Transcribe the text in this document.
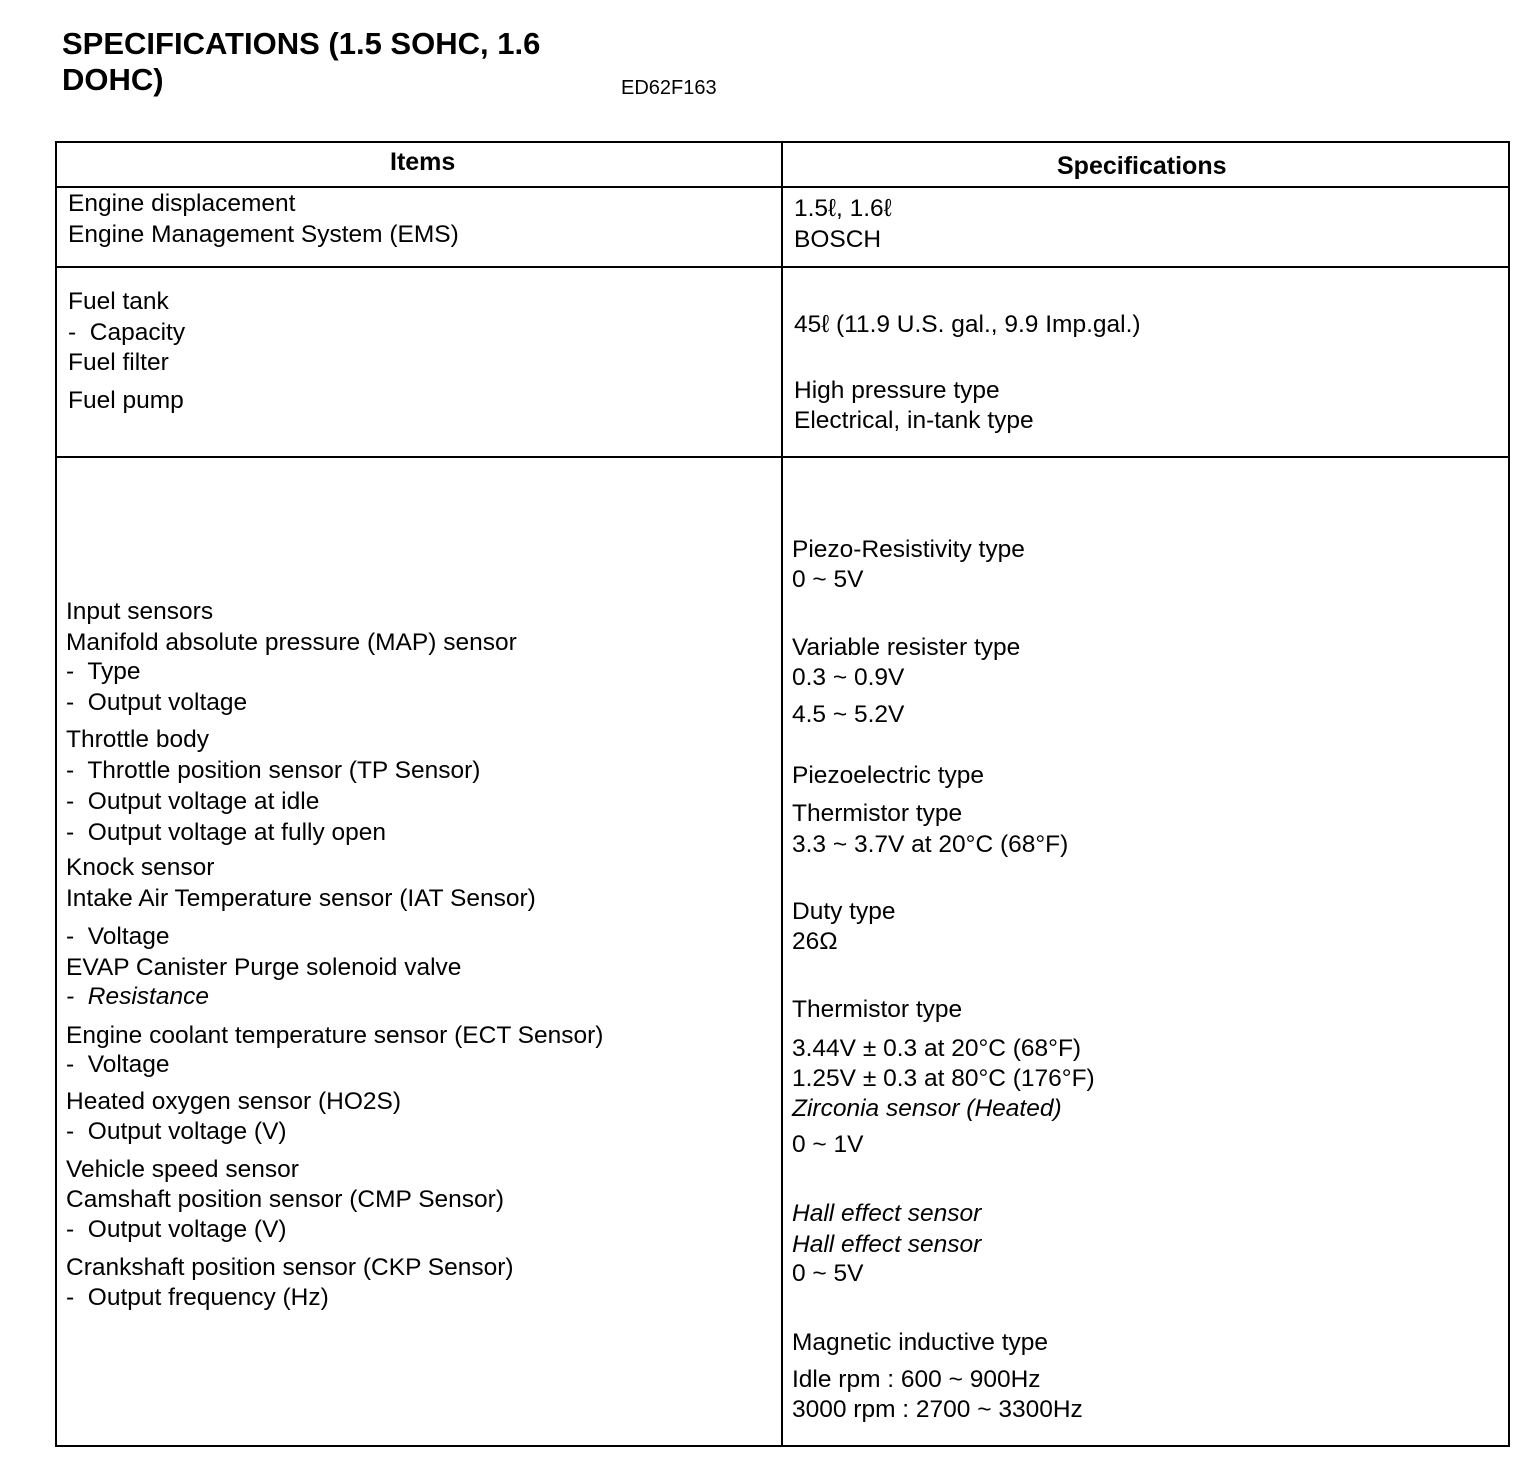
SPECIFICATIONS (1.5 SOHC, 1.6 DOHC)	ED62F163
Items	Specifications

Engine displacement

Engine Management System (EMS)

1.5ℓ, 1.6ℓ

BOSCH

Fuel tank

-  Capacity

Fuel filter

Fuel pump

45ℓ (11.9 U.S. gal., 9.9 Imp.gal.)

High pressure type

Electrical, in-tank type

Input sensors

Manifold absolute pressure (MAP) sensor

-  Type

-  Output voltage

Throttle body

-  Throttle position sensor (TP Sensor)

-  Output voltage at idle

-  Output voltage at fully open

Knock sensor

Intake Air Temperature sensor (IAT Sensor)

-  Voltage

EVAP Canister Purge solenoid valve

-  Resistance

Engine coolant temperature sensor (ECT Sensor)

-  Voltage

Heated oxygen sensor (HO2S)

-  Output voltage (V)

Vehicle speed sensor

Camshaft position sensor (CMP Sensor)

-  Output voltage (V)

Crankshaft position sensor (CKP Sensor)

-  Output frequency (Hz)

Piezo-Resistivity type

0 ~ 5V

Variable resister type

0.3 ~ 0.9V

4.5 ~ 5.2V

Piezoelectric type

Thermistor type

3.3 ~ 3.7V at 20°C (68°F)

Duty type

26Ω

Thermistor type

3.44V ± 0.3 at 20°C (68°F)

1.25V ± 0.3 at 80°C (176°F)

Zirconia sensor (Heated)

0 ~ 1V

Hall effect sensor

Hall effect sensor

0 ~ 5V

Magnetic inductive type

Idle rpm : 600 ~ 900Hz

3000 rpm : 2700 ~ 3300Hz
